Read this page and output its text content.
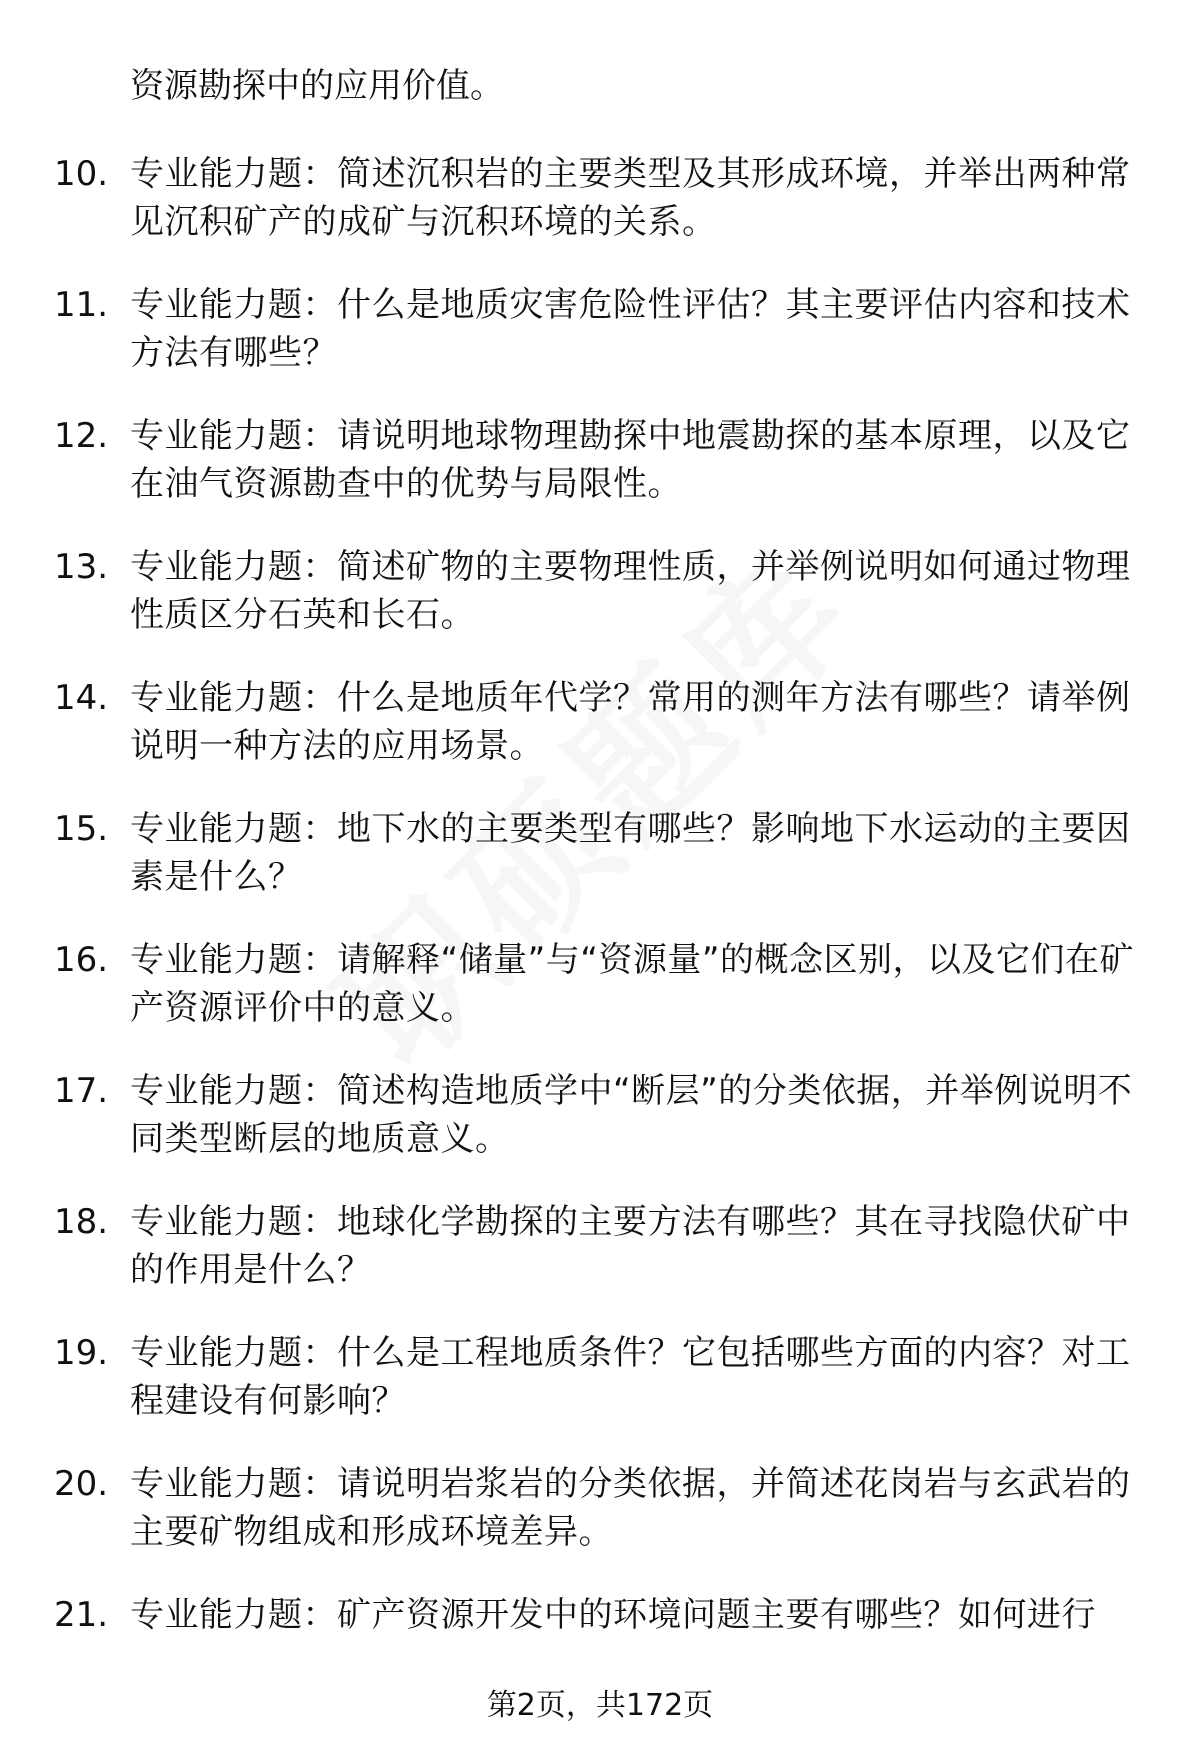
资源勘探中的应用价值。

10. 专业能力题：简述沉积岩的主要类型及其形成环境，并举出两种常见沉积矿产的成矿与沉积环境的关系。
11. 专业能力题：什么是地质灾害危险性评估？其主要评估内容和技术方法有哪些？
12. 专业能力题：请说明地球物理勘探中地震勘探的基本原理，以及它在油气资源勘查中的优势与局限性。
13. 专业能力题：简述矿物的主要物理性质，并举例说明如何通过物理性质区分石英和长石。
14. 专业能力题：什么是地质年代学？常用的测年方法有哪些？请举例说明一种方法的应用场景。
15. 专业能力题：地下水的主要类型有哪些？影响地下水运动的主要因素是什么？
16. 专业能力题：请解释“储量”与“资源量”的概念区别，以及它们在矿产资源评价中的意义。
17. 专业能力题：简述构造地质学中“断层”的分类依据，并举例说明不同类型断层的地质意义。
18. 专业能力题：地球化学勘探的主要方法有哪些？其在寻找隐伏矿中的作用是什么？
19. 专业能力题：什么是工程地质条件？它包括哪些方面的内容？对工程建设有何影响？
20. 专业能力题：请说明岩浆岩的分类依据，并简述花岗岩与玄武岩的主要矿物组成和形成环境差异。
21. 专业能力题：矿产资源开发中的环境问题主要有哪些？如何进行
第2页，共172页
